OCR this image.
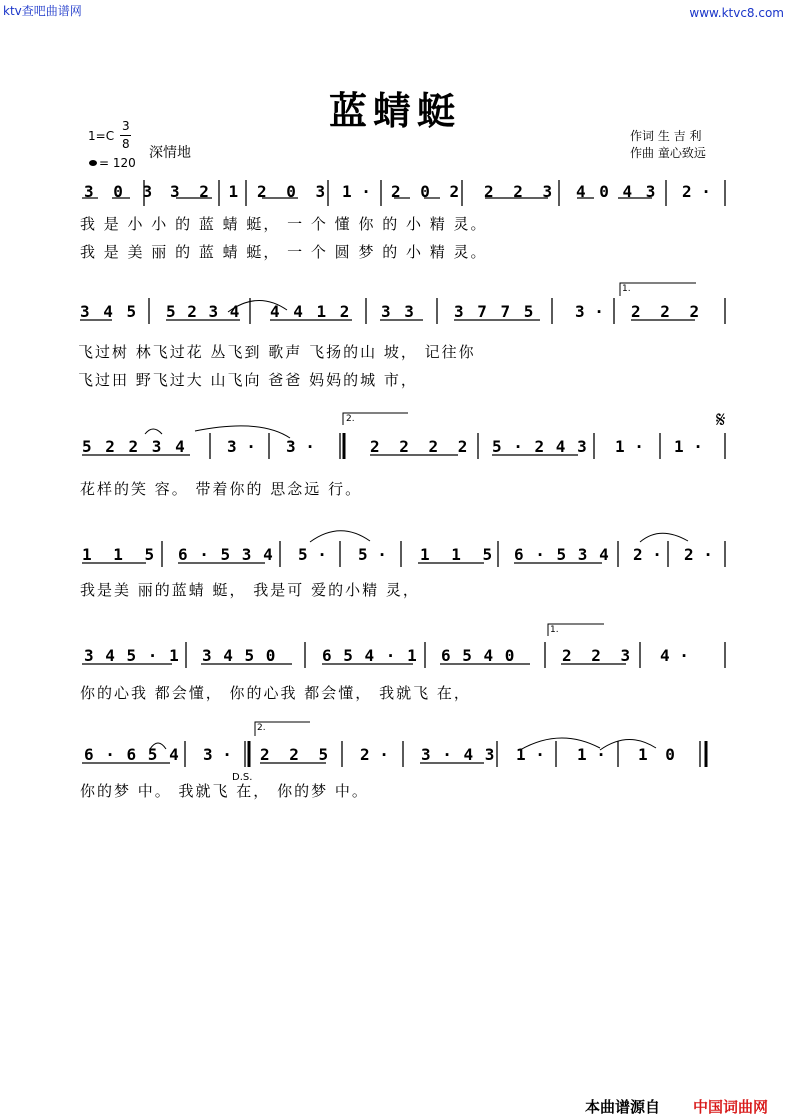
ktv查吧曲谱网	www.ktvc8.com
蓝蜻蜓
1=C
3
8
深情地
= 120
作词 生 吉 利
作曲 童心致远
3 0 3 3 2 1 2 0 3 1 · 2 0 2 2 2 3 4 0 4 3 2 ·
我 是 小 小 的 蓝 蜻 蜓， 一 个 懂 你 的 小 精 灵。
我 是 美 丽 的 蓝 蜻 蜓， 一 个 圆 梦 的 小 精 灵。
3 4 5 5 2 3 4 4 4 1 2 3 3 3 7 7 5 3 · 2 2 2
飞过树 林飞过花 丛飞到 歌声 飞扬的山 坡， 记往你
飞过田 野飞过大 山飞向 爸爸 妈妈的城 市，
5 2 2 3 4	3 · 3 ·	2 2 2 2 5 · 2 4 3 1 · 1 ·
𝄋
花样的笑 容。 带着你的 思念远 行。
1 1 5 6 · 5 3 4 5 · 5 · 1 1 5 6 · 5 3 4 2 · 2 ·
我是美 丽的蓝蜻 蜓， 我是可 爱的小精 灵，
3 4 5 · 1 3 4 5 0	6 5 4 · 1 6 5 4 0	2 2 3 4 ·
你的心我 都会懂， 你的心我 都会懂， 我就飞 在，
6 · 6 5 4 3 · 2 2 5 2 · 3 · 4 3 1 · 1 · 1 0
D.S.
你的梦 中。 我就飞 在， 你的梦 中。
1.
2.
1.
2.
本曲谱源自 中国词曲网
